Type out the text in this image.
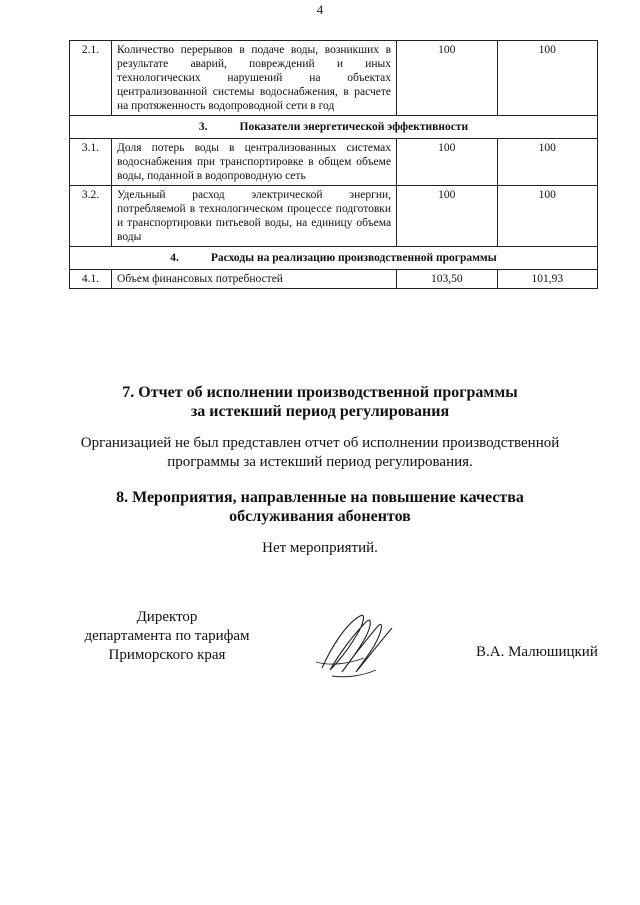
4
2.1.	Количество перерывов в подаче воды, возникших в результате аварий, повреждений и иных технологических нарушений на объектах централизованной системы водоснабжения, в расчете на протяженность водопроводной сети в год	100	100
3. Показатели энергетической эффективности			
3.1.	Доля потерь воды в централизованных системах водоснабжения при транспортировке в общем объеме воды, поданной в водопроводную сеть	100	100
3.2.	Удельный расход электрической энергии, потребляемой в технологическом процессе подготовки и транспортировки питьевой воды, на единицу объема воды	100	100
4. Расходы на реализацию производственной программы			
4.1.	Объем финансовых потребностей	103,50	101,93
7. Отчет об исполнении производственной программы
за истекший период регулирования
Организацией не был представлен отчет об исполнении производственной
программы за истекший период регулирования.
8. Мероприятия, направленные на повышение качества
обслуживания абонентов
Нет мероприятий.
Директор
департамента по тарифам
Приморского края	В.А. Малюшицкий
